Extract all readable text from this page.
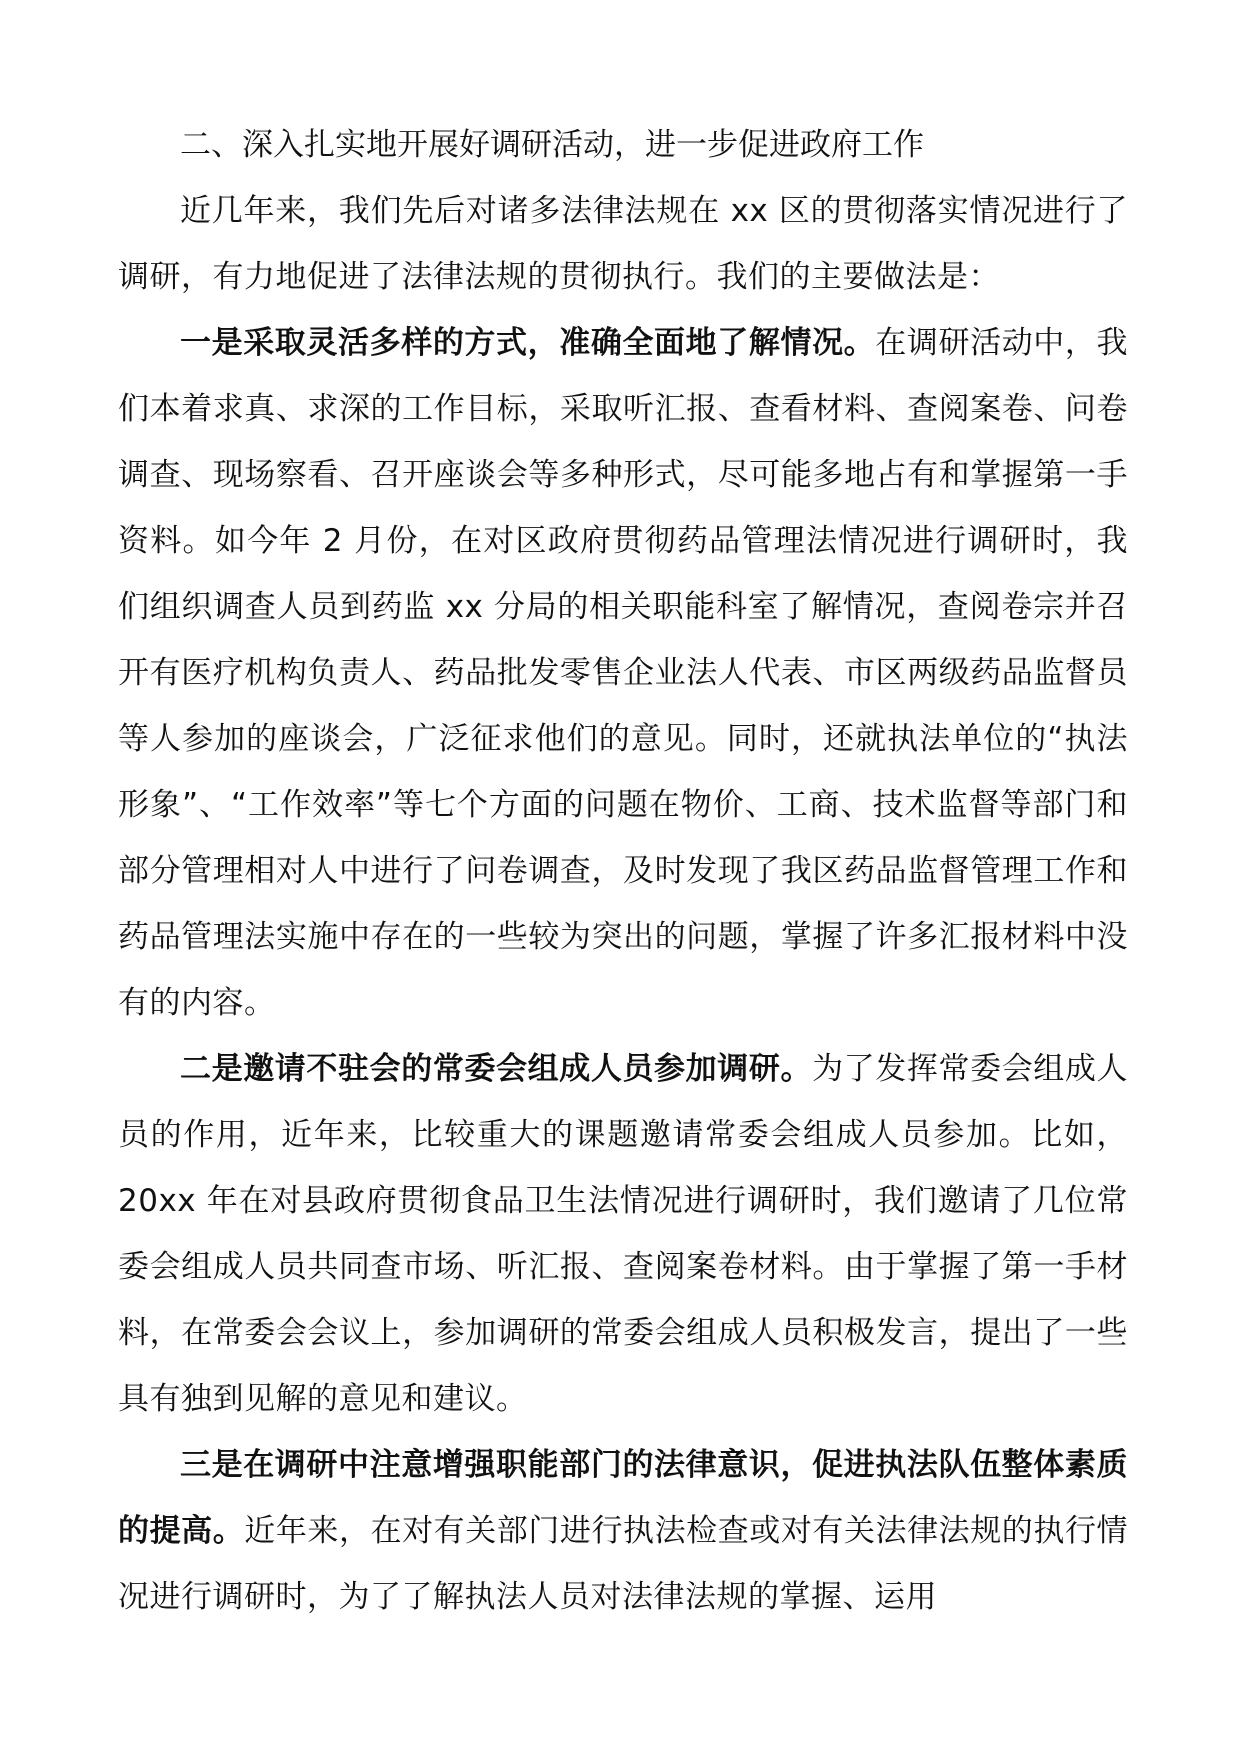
二、深入扎实地开展好调研活动，进一步促进政府工作

近几年来，我们先后对诸多法律法规在 xx 区的贯彻落实情况进行了调研，有力地促进了法律法规的贯彻执行。我们的主要做法是：

一是采取灵活多样的方式，准确全面地了解情况。在调研活动中，我们本着求真、求深的工作目标，采取听汇报、查看材料、查阅案卷、问卷调查、现场察看、召开座谈会等多种形式，尽可能多地占有和掌握第一手资料。如今年 2 月份，在对区政府贯彻药品管理法情况进行调研时，我们组织调查人员到药监 xx 分局的相关职能科室了解情况，查阅卷宗并召开有医疗机构负责人、药品批发零售企业法人代表、市区两级药品监督员等人参加的座谈会，广泛征求他们的意见。同时，还就执法单位的“执法形象”、“工作效率”等七个方面的问题在物价、工商、技术监督等部门和部分管理相对人中进行了问卷调查，及时发现了我区药品监督管理工作和药品管理法实施中存在的一些较为突出的问题，掌握了许多汇报材料中没有的内容。

二是邀请不驻会的常委会组成人员参加调研。为了发挥常委会组成人员的作用，近年来，比较重大的课题邀请常委会组成人员参加。比如，20xx 年在对县政府贯彻食品卫生法情况进行调研时，我们邀请了几位常委会组成人员共同查市场、听汇报、查阅案卷材料。由于掌握了第一手材料，在常委会会议上，参加调研的常委会组成人员积极发言，提出了一些具有独到见解的意见和建议。

三是在调研中注意增强职能部门的法律意识，促进执法队伍整体素质的提高。近年来，在对有关部门进行执法检查或对有关法律法规的执行情况进行调研时，为了了解执法人员对法律法规的掌握、运用
